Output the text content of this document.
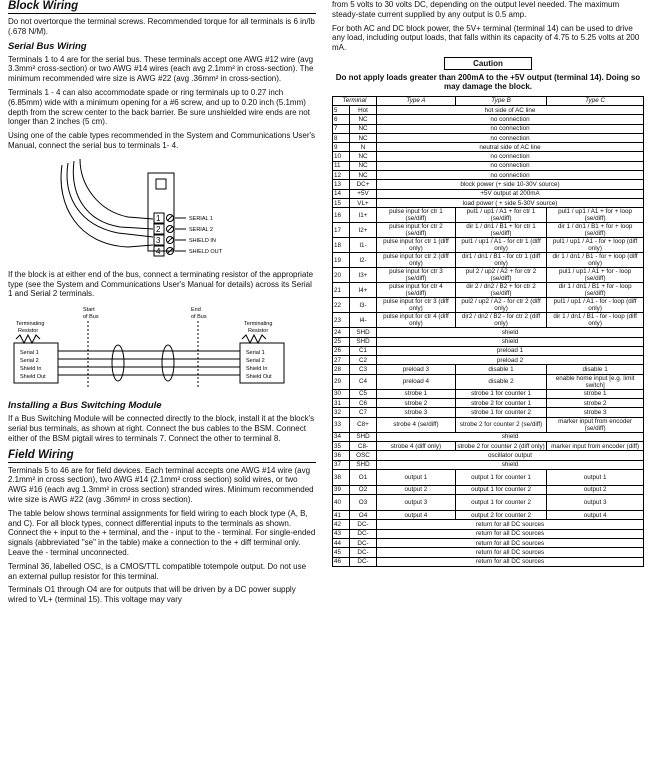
Block Wiring

Do not overtorque the terminal screws. Recommended torque for all terminals is 6 in/lb (.678 N/M).

Serial Bus Wiring

Terminals 1 to 4 are for the serial bus. These terminals accept one AWG #12 wire (avg 3.3mm² cross-section) or two AWG #14 wires (each avg 2.1mm² in cross-section). The minimum recommended wire size is AWG #22 (avg .36mm² in cross-section).

Terminals 1 - 4 can also accommodate spade or ring terminals up to 0.27 inch (6.85mm) wide with a minimum opening for a #6 screw, and up to 0.20 inch (5.1mm) depth from the screw center to the back barrier. Be sure unshielded wire ends are not longer than 2 inches (5 cm).

Using one of the cable types recommended in the System and Communications User's Manual, connect the serial bus to terminals 1- 4.

1
2
3
4
SERIAL 1
SERIAL 2
SHIELD IN
SHIELD OUT

If the block is at either end of the bus, connect a terminating resistor of the appropriate type (see the System and Communications User's Manual for details) across its Serial 1 and Serial 2 terminals.

Start
of Bus
End
of Bus
Terminating
Resistor
Terminating
Resistor
Serial 1
Serial 2
Shield In
Shield Out
Serial 1
Serial 2
Shield In
Shield Out
Installing a Bus Switching Module

If a Bus Switching Module will be connected directly to the block, install it at the block's serial bus terminals, as shown at right. Connect the bus cables to the BSM. Connect either of the BSM pigtail wires to terminals 7. Connect the other to terminal 8.

Field Wiring

Terminals 5 to 46 are for field devices. Each terminal accepts one AWG #14 wire (avg 2.1mm² in cross section), two AWG #14 (2.1mm² cross section) solid wires, or two AWG #16 (each avg 1.3mm² in cross section) stranded wires. Minimum recommended wire size is AWG #22 (avg .36mm² in cross section).

The table below shows terminal assignments for field wiring to each block type (A, B, and C). For all block types, connect differential inputs to the terminals as shown. Connect the + input to the + terminal, and the - input to the - terminal. For single-ended signals (abbreviated "se" in the table) make a connection to the + diff terminal only. Leave the - terminal unconnected.

Terminal 36, labelled OSC, is a CMOS/TTL compatible totempole output. Do not use an external pullup resistor for this terminal.

Terminals O1 through O4 are for outputs that will be driven by a DC power supply wired to VL+ (terminal 15). This voltage may vary

from 5 volts to 30 volts DC, depending on the output level needed. The maximum steady-state current supplied by any output is 0.5 amp.

For both AC and DC block power, the 5V+ terminal (terminal 14) can be used to drive any load, including output loads, that falls within its capacity of 4.75 to 5.25 volts at 200 mA.

Caution
Do not apply loads greater than 200mA to the +5V output (terminal 14). Doing so may damage the block.
Terminal		Type A	Type B	Type C
5	Hot	hot side of AC line		
6	NC	no connection		
7	NC	no connection		
8	NC	no connection		
9	N	neutral side of AC line		
10	NC	no connection		
11	NC	no connection		
12	NC	no connection		
13	DC+	block power (+ side 10-30V source)		
14	+5V	+5V output at 200mA		
15	VL+	load power ( + side 5-30V source)		
16	I1+	pulse input for ctr 1 (se/diff)	pul1 / up1 / A1 + for ctr 1 (se/diff)	pul1 / up1 / A1 + for + loop (se/diff)
17	I2+	pulse input for ctr 2 (se/diff)	dir 1 / dn1 / B1 + for ctr 1 (se/diff)	dir 1 / dn1 / B1 + for + loop (se/diff)
18	I1-	pulse input for ctr 1 (diff only)	pul1 / up1 / A1 - for ctr 1 (diff only)	pul1 / up1 / A1 - for + loop (diff only)
19	I2-	pulse input for ctr 2 (diff only)	dir1 / dn1 / B1 - for ctr 1 (diff only)	dir 1 / dn1 / B1 - for + loop (diff only)
20	I3+	pulse input for ctr 3 (se/diff)	pul 2 / up2 / A2 + for ctr 2 (se/diff)	pul1 / up1 / A1 + for - loop (se/diff)
21	I4+	pulse input for ctr 4 (se/diff)	dir 2 / dn2 / B2 + for ctr 2 (se/diff)	dir 1 / dn1 / B1 + for - loop (se/diff)
22	I3-	pulse input for ctr 3 (diff only)	pul2 / up2 / A2 - for ctr 2 (diff only)	pul1 / up1 / A1 - for - loop (diff only)
23	I4-	pulse input for ctr 4 (diff only)	dir2 / dn2 / B2 - for ctr 2 (diff only)	dir 1 / dn1 / B1 - for - loop (diff only)
24	SHD	shield		
25	SHD	shield		
26	C1	preload 1		
27	C2	preload 2		
28	C3	preload 3	disable 1	disable 1
29	C4	preload 4	disable 2	enable home input [e.g. limit switch]
30	C5	strobe 1	strobe 1 for counter 1	strobe 1
31	C6	strobe 2	strobe 2 for counter 1	strobe 2
32	C7	strobe 3	strobe 1 for counter 2	strobe 3
33	C8+	strobe 4 (se/diff)	strobe 2 for counter 2 (se/diff)	marker input from encoder (se/diff)
34	SHD	shield		
35	C8-	strobe 4 (diff only)	strobe 2 for counter 2 (diff only)	marker input from encoder (diff)
36	OSC	oscillator output		
37	SHD	shield		
38	O1	output 1	output 1 for counter 1	output 1
39	O2	output 2	output 1 for counter 2	output 2
40	O3	output 3	output 1 for counter 2	output 3
41	O4	output 4	output 2 for counter 2	output 4
42	DC-	return for all DC sources		
43	DC-	return for all DC sources		
44	DC-	return for all DC sources		
45	DC-	return for all DC sources		
46	DC-	return for all DC sources		
